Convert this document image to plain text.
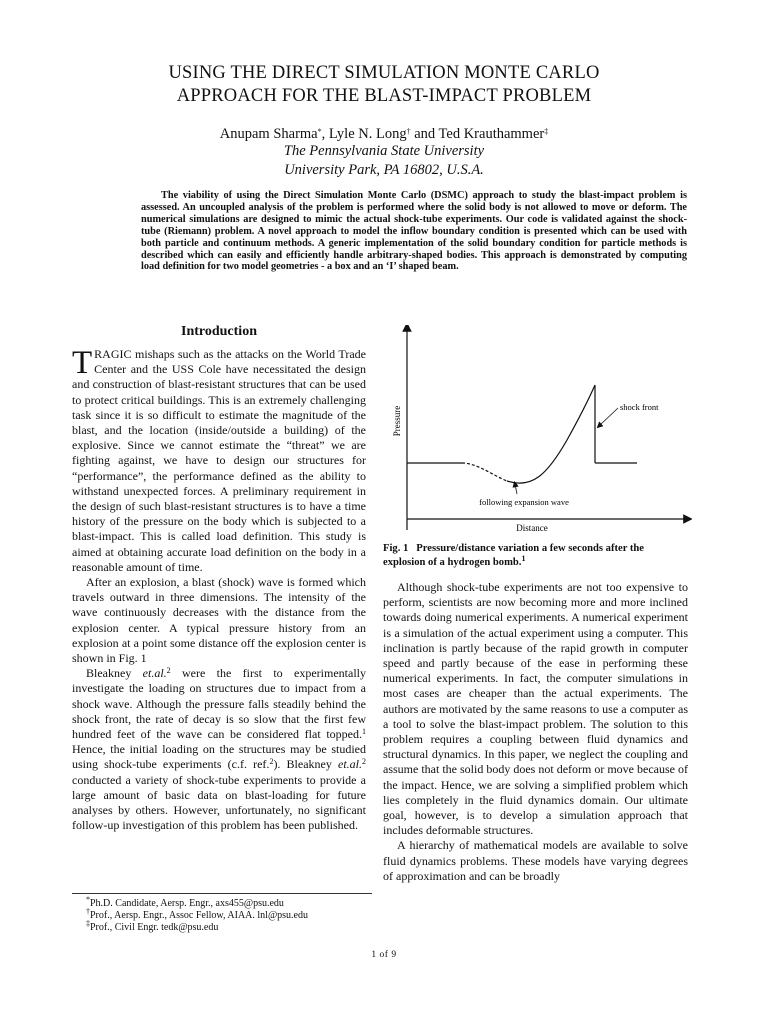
USING THE DIRECT SIMULATION MONTE CARLO
APPROACH FOR THE BLAST-IMPACT PROBLEM
Anupam Sharma*, Lyle N. Long† and Ted Krauthammer‡
The Pennsylvania State University
University Park, PA 16802, U.S.A.

The viability of using the Direct Simulation Monte Carlo (DSMC) approach to study the blast-impact problem is assessed. An uncoupled analysis of the problem is performed where the solid body is not allowed to move or deform. The numerical simulations are designed to mimic the actual shock-tube experiments. Our code is validated against the shock-tube (Riemann) problem. A novel approach to model the inflow boundary condition is presented which can be used with both particle and continuum methods. A generic implementation of the solid boundary condition for particle methods is described which can easily and efficiently handle arbitrary-shaped bodies. This approach is demonstrated by computing load definition for two model geometries - a box and an ‘I’ shaped beam.

Introduction

TRAGIC mishaps such as the attacks on the World Trade Center and the USS Cole have necessitated the design and construction of blast-resistant structures that can be used to protect critical buildings. This is an extremely challenging task since it is so difficult to estimate the magnitude of the blast, and the location (inside/outside a building) of the explosive. Since we cannot estimate the “threat” we are fighting against, we have to design our structures for “performance”, the performance defined as the ability to withstand unexpected forces. A preliminary requirement in the design of such blast-resistant structures is to have a time history of the pressure on the body which is subjected to a blast-impact. This is called load definition. This study is aimed at obtaining accurate load definition on the body in a reasonable amount of time.

After an explosion, a blast (shock) wave is formed which travels outward in three dimensions. The intensity of the wave continuously decreases with the distance from the explosion center. A typical pressure history from an explosion at a point some distance off the explosion center is shown in Fig. 1

Bleakney et.al.$^2$ were the first to experimentally investigate the loading on structures due to impact from a shock wave. Although the pressure falls steadily behind the shock front, the rate of decay is so slow that the first few hundred feet of the wave can be considered flat topped.$^1$ Hence, the initial loading on the structures may be studied using shock-tube experiments (c.f. ref.$^2$). Bleakney et.al.$^2$ conducted a variety of shock-tube experiments to provide a large amount of basic data on blast-loading for future analyses by others. However, unfortunately, no significant follow-up investigation of this problem has been published.

*Ph.D. Candidate, Aersp. Engr., axs455@psu.edu
†Prof., Aersp. Engr., Assoc Fellow, AIAA. lnl@psu.edu
‡Prof., Civil Engr. tedk@psu.edu
Pressure
Distance
shock front
following expansion wave
Fig. 1 Pressure/distance variation a few seconds after the explosion of a hydrogen bomb.$^1$

Although shock-tube experiments are not too expensive to perform, scientists are now becoming more and more inclined towards doing numerical experiments. A numerical experiment is a simulation of the actual experiment using a computer. This inclination is partly because of the rapid growth in computer speed and partly because of the ease in performing these numerical experiments. In fact, the computer simulations in most cases are cheaper than the actual experiments. The authors are motivated by the same reasons to use a computer as a tool to solve the blast-impact problem. The solution to this problem requires a coupling between fluid dynamics and structural dynamics. In this paper, we neglect the coupling and assume that the solid body does not deform or move because of the impact. Hence, we are solving a simplified problem which lies completely in the fluid dynamics domain. Our ultimate goal, however, is to develop a simulation approach that includes deformable structures.

A hierarchy of mathematical models are available to solve fluid dynamics problems. These models have varying degrees of approximation and can be broadly

1 of 9
